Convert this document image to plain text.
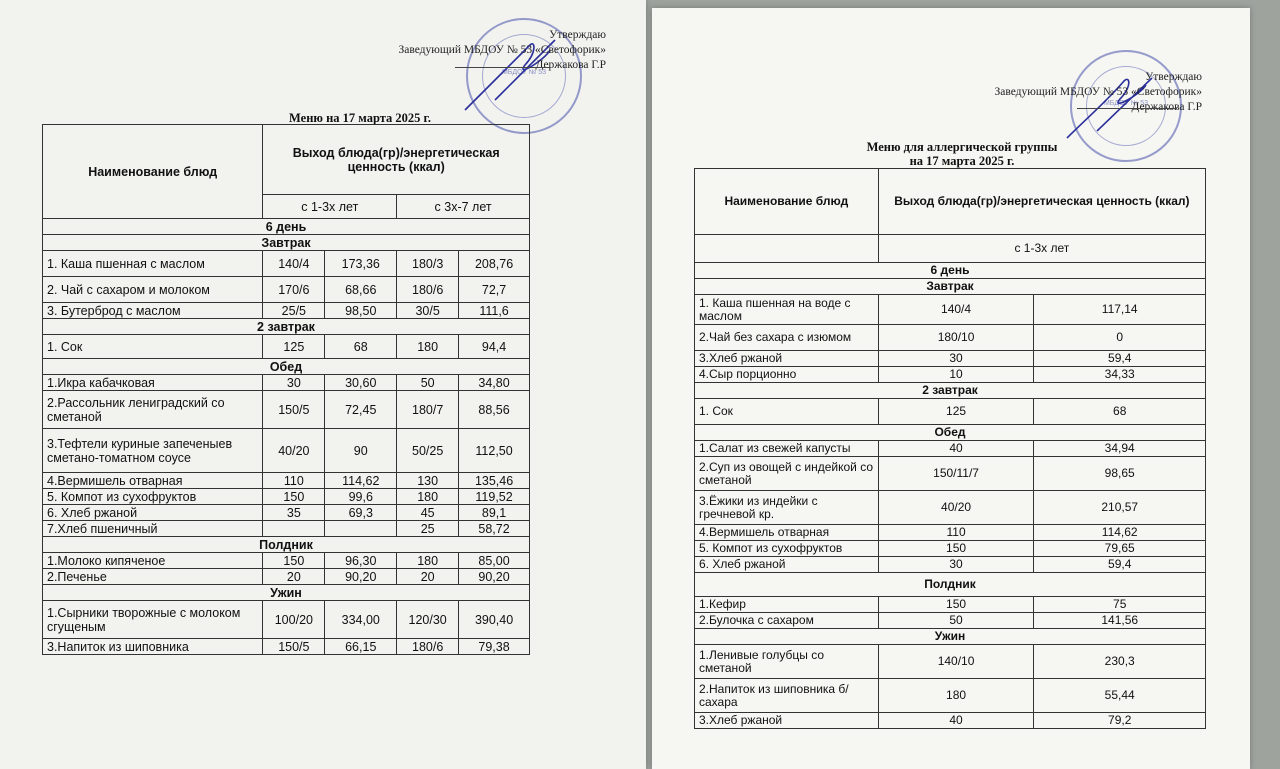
МБДОУ № 53
Утверждаю
Заведующий МБДОУ № 53 «Светофорик»
Держакова Г.Р
Меню на 17 марта 2025 г.
Наименование блюд	Выход блюда(гр)/энергетическая ценность (ккал)			
	с 1-3х лет		с 3х-7 лет	
6 день				
Завтрак				
1. Каша пшенная с маслом	140/4	173,36	180/3	208,76
2. Чай с сахаром и молоком	170/6	68,66	180/6	72,7
3. Бутерброд с маслом	25/5	98,50	30/5	111,6
2 завтрак				
1. Сок	125	68	180	94,4
Обед				
1.Икра кабачковая	30	30,60	50	34,80
2.Рассольник лениградский со сметаной	150/5	72,45	180/7	88,56
3.Тефтели куриные запеченыев сметано-томатном соусе	40/20	90	50/25	112,50
4.Вермишель отварная	110	114,62	130	135,46
5. Компот из сухофруктов	150	99,6	180	119,52
6. Хлеб ржаной	35	69,3	45	89,1
7.Хлеб пшеничный			25	58,72
Полдник				
1.Молоко кипяченое	150	96,30	180	85,00
2.Печенье	20	90,20	20	90,20
Ужин				
1.Сырники творожные с молоком сгущеным	100/20	334,00	120/30	390,40
3.Напиток из шиповника	150/5	66,15	180/6	79,38
МБДОУ № 53
Утверждаю
Заведующий МБДОУ № 53 «Светофорик»
Держакова Г.Р
Меню для аллергической группы
на 17 марта 2025 г.
Наименование блюд	Выход блюда(гр)/энергетическая ценность (ккал)	
	с 1-3х лет	
6 день		
Завтрак		
1. Каша пшенная на воде с маслом	140/4	117,14
2.Чай без сахара с изюмом	180/10	0
3.Хлеб ржаной	30	59,4
4.Сыр порционно	10	34,33
2 завтрак		
1. Сок	125	68
Обед		
1.Салат из свежей капусты	40	34,94
2.Суп из овощей с индейкой со сметаной	150/11/7	98,65
3.Ёжики из индейки с гречневой кр.	40/20	210,57
4.Вермишель отварная	110	114,62
5. Компот из сухофруктов	150	79,65
6. Хлеб ржаной	30	59,4
Полдник		
1.Кефир	150	75
2.Булочка с сахаром	50	141,56
Ужин		
1.Ленивые голубцы со сметаной	140/10	230,3
2.Напиток из шиповника б/сахара	180	55,44
3.Хлеб ржаной	40	79,2
